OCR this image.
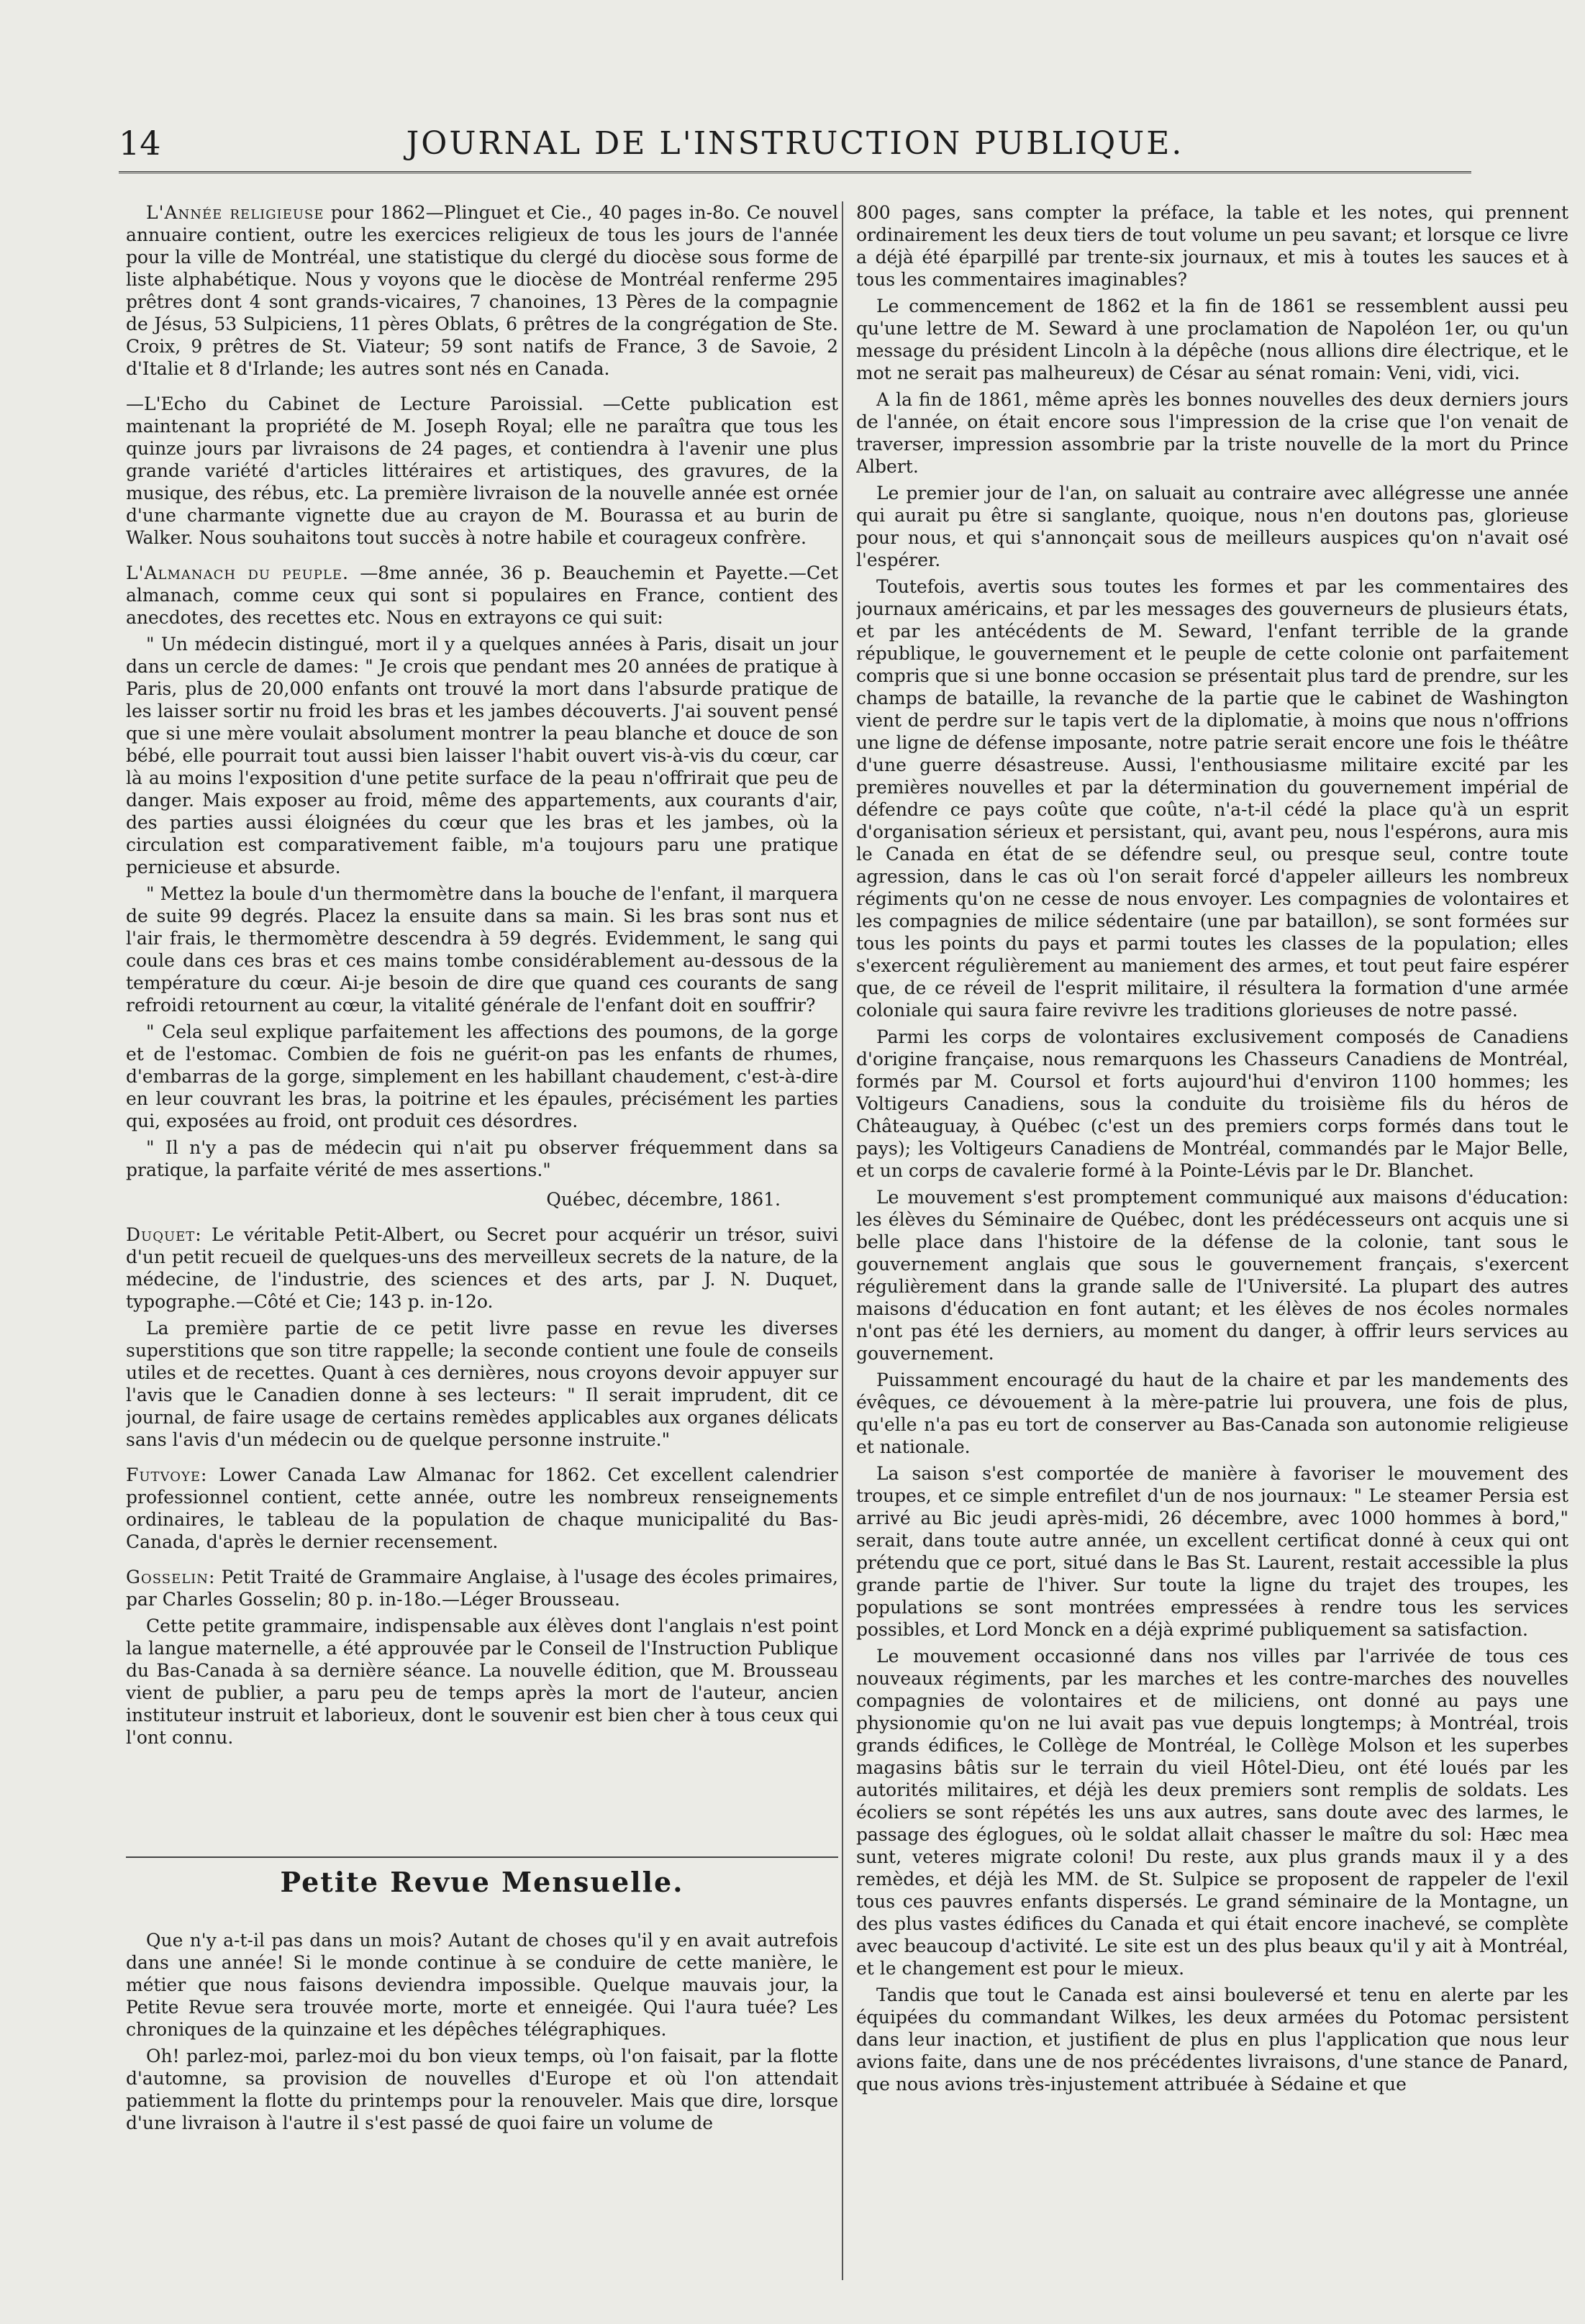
14	JOURNAL DE L'INSTRUCTION PUBLIQUE.

L'Année religieuse pour 1862—Plinguet et Cie., 40 pages in-8o. Ce nouvel annuaire contient, outre les exercices religieux de tous les jours de l'année pour la ville de Montréal, une statistique du clergé du diocèse sous forme de liste alphabétique. Nous y voyons que le diocèse de Montréal renferme 295 prêtres dont 4 sont grands-vicaires, 7 chanoines, 13 Pères de la compagnie de Jésus, 53 Sulpiciens, 11 pères Oblats, 6 prêtres de la congrégation de Ste. Croix, 9 prêtres de St. Viateur; 59 sont natifs de France, 3 de Savoie, 2 d'Italie et 8 d'Irlande; les autres sont nés en Canada.

—L'Echo du Cabinet de Lecture Paroissial. —Cette publication est maintenant la propriété de M. Joseph Royal; elle ne paraîtra que tous les quinze jours par livraisons de 24 pages, et contiendra à l'avenir une plus grande variété d'articles littéraires et artistiques, des gravures, de la musique, des rébus, etc. La première livraison de la nouvelle année est ornée d'une charmante vignette due au crayon de M. Bourassa et au burin de Walker. Nous souhaitons tout succès à notre habile et courageux confrère.

L'Almanach du peuple. —8me année, 36 p. Beauchemin et Payette.—Cet almanach, comme ceux qui sont si populaires en France, contient des anecdotes, des recettes etc. Nous en extrayons ce qui suit:

" Un médecin distingué, mort il y a quelques années à Paris, disait un jour dans un cercle de dames: " Je crois que pendant mes 20 années de pratique à Paris, plus de 20,000 enfants ont trouvé la mort dans l'absurde pratique de les laisser sortir nu froid les bras et les jambes découverts. J'ai souvent pensé que si une mère voulait absolument montrer la peau blanche et douce de son bébé, elle pourrait tout aussi bien laisser l'habit ouvert vis-à-vis du cœur, car là au moins l'exposition d'une petite surface de la peau n'offrirait que peu de danger. Mais exposer au froid, même des appartements, aux courants d'air, des parties aussi éloignées du cœur que les bras et les jambes, où la circulation est comparativement faible, m'a toujours paru une pratique pernicieuse et absurde.

" Mettez la boule d'un thermomètre dans la bouche de l'enfant, il marquera de suite 99 degrés. Placez la ensuite dans sa main. Si les bras sont nus et l'air frais, le thermomètre descendra à 59 degrés. Evidemment, le sang qui coule dans ces bras et ces mains tombe considérablement au-dessous de la température du cœur. Ai-je besoin de dire que quand ces courants de sang refroidi retournent au cœur, la vitalité générale de l'enfant doit en souffrir?

" Cela seul explique parfaitement les affections des poumons, de la gorge et de l'estomac. Combien de fois ne guérit-on pas les enfants de rhumes, d'embarras de la gorge, simplement en les habillant chaudement, c'est-à-dire en leur couvrant les bras, la poitrine et les épaules, précisément les parties qui, exposées au froid, ont produit ces désordres.

" Il n'y a pas de médecin qui n'ait pu observer fréquemment dans sa pratique, la parfaite vérité de mes assertions."

Québec, décembre, 1861.

Duquet: Le véritable Petit-Albert, ou Secret pour acquérir un trésor, suivi d'un petit recueil de quelques-uns des merveilleux secrets de la nature, de la médecine, de l'industrie, des sciences et des arts, par J. N. Duquet, typographe.—Côté et Cie; 143 p. in-12o.

La première partie de ce petit livre passe en revue les diverses superstitions que son titre rappelle; la seconde contient une foule de conseils utiles et de recettes. Quant à ces dernières, nous croyons devoir appuyer sur l'avis que le Canadien donne à ses lecteurs: " Il serait imprudent, dit ce journal, de faire usage de certains remèdes applicables aux organes délicats sans l'avis d'un médecin ou de quelque personne instruite."

Futvoye: Lower Canada Law Almanac for 1862. Cet excellent calendrier professionnel contient, cette année, outre les nombreux renseignements ordinaires, le tableau de la population de chaque municipalité du Bas-Canada, d'après le dernier recensement.

Gosselin: Petit Traité de Grammaire Anglaise, à l'usage des écoles primaires, par Charles Gosselin; 80 p. in-18o.—Léger Brousseau.

Cette petite grammaire, indispensable aux élèves dont l'anglais n'est point la langue maternelle, a été approuvée par le Conseil de l'Instruction Publique du Bas-Canada à sa dernière séance. La nouvelle édition, que M. Brousseau vient de publier, a paru peu de temps après la mort de l'auteur, ancien instituteur instruit et laborieux, dont le souvenir est bien cher à tous ceux qui l'ont connu.

Petite Revue Mensuelle.

Que n'y a-t-il pas dans un mois? Autant de choses qu'il y en avait autrefois dans une année! Si le monde continue à se conduire de cette manière, le métier que nous faisons deviendra impossible. Quelque mauvais jour, la Petite Revue sera trouvée morte, morte et enneigée. Qui l'aura tuée? Les chroniques de la quinzaine et les dépêches télégraphiques.

Oh! parlez-moi, parlez-moi du bon vieux temps, où l'on faisait, par la flotte d'automne, sa provision de nouvelles d'Europe et où l'on attendait patiemment la flotte du printemps pour la renouveler. Mais que dire, lorsque d'une livraison à l'autre il s'est passé de quoi faire un volume de

800 pages, sans compter la préface, la table et les notes, qui prennent ordinairement les deux tiers de tout volume un peu savant; et lorsque ce livre a déjà été éparpillé par trente-six journaux, et mis à toutes les sauces et à tous les commentaires imaginables?

Le commencement de 1862 et la fin de 1861 se ressemblent aussi peu qu'une lettre de M. Seward à une proclamation de Napoléon 1er, ou qu'un message du président Lincoln à la dépêche (nous allions dire électrique, et le mot ne serait pas malheureux) de César au sénat romain: Veni, vidi, vici.

A la fin de 1861, même après les bonnes nouvelles des deux derniers jours de l'année, on était encore sous l'impression de la crise que l'on venait de traverser, impression assombrie par la triste nouvelle de la mort du Prince Albert.

Le premier jour de l'an, on saluait au contraire avec allégresse une année qui aurait pu être si sanglante, quoique, nous n'en doutons pas, glorieuse pour nous, et qui s'annonçait sous de meilleurs auspices qu'on n'avait osé l'espérer.

Toutefois, avertis sous toutes les formes et par les commentaires des journaux américains, et par les messages des gouverneurs de plusieurs états, et par les antécédents de M. Seward, l'enfant terrible de la grande république, le gouvernement et le peuple de cette colonie ont parfaitement compris que si une bonne occasion se présentait plus tard de prendre, sur les champs de bataille, la revanche de la partie que le cabinet de Washington vient de perdre sur le tapis vert de la diplomatie, à moins que nous n'offrions une ligne de défense imposante, notre patrie serait encore une fois le théâtre d'une guerre désastreuse. Aussi, l'enthousiasme militaire excité par les premières nouvelles et par la détermination du gouvernement impérial de défendre ce pays coûte que coûte, n'a-t-il cédé la place qu'à un esprit d'organisation sérieux et persistant, qui, avant peu, nous l'espérons, aura mis le Canada en état de se défendre seul, ou presque seul, contre toute agression, dans le cas où l'on serait forcé d'appeler ailleurs les nombreux régiments qu'on ne cesse de nous envoyer. Les compagnies de volontaires et les compagnies de milice sédentaire (une par bataillon), se sont formées sur tous les points du pays et parmi toutes les classes de la population; elles s'exercent régulièrement au maniement des armes, et tout peut faire espérer que, de ce réveil de l'esprit militaire, il résultera la formation d'une armée coloniale qui saura faire revivre les traditions glorieuses de notre passé.

Parmi les corps de volontaires exclusivement composés de Canadiens d'origine française, nous remarquons les Chasseurs Canadiens de Montréal, formés par M. Coursol et forts aujourd'hui d'environ 1100 hommes; les Voltigeurs Canadiens, sous la conduite du troisième fils du héros de Châteauguay, à Québec (c'est un des premiers corps formés dans tout le pays); les Voltigeurs Canadiens de Montréal, commandés par le Major Belle, et un corps de cavalerie formé à la Pointe-Lévis par le Dr. Blanchet.

Le mouvement s'est promptement communiqué aux maisons d'éducation: les élèves du Séminaire de Québec, dont les prédécesseurs ont acquis une si belle place dans l'histoire de la défense de la colonie, tant sous le gouvernement anglais que sous le gouvernement français, s'exercent régulièrement dans la grande salle de l'Université. La plupart des autres maisons d'éducation en font autant; et les élèves de nos écoles normales n'ont pas été les derniers, au moment du danger, à offrir leurs services au gouvernement.

Puissamment encouragé du haut de la chaire et par les mandements des évêques, ce dévouement à la mère-patrie lui prouvera, une fois de plus, qu'elle n'a pas eu tort de conserver au Bas-Canada son autonomie religieuse et nationale.

La saison s'est comportée de manière à favoriser le mouvement des troupes, et ce simple entrefilet d'un de nos journaux: " Le steamer Persia est arrivé au Bic jeudi après-midi, 26 décembre, avec 1000 hommes à bord," serait, dans toute autre année, un excellent certificat donné à ceux qui ont prétendu que ce port, situé dans le Bas St. Laurent, restait accessible la plus grande partie de l'hiver. Sur toute la ligne du trajet des troupes, les populations se sont montrées empressées à rendre tous les services possibles, et Lord Monck en a déjà exprimé publiquement sa satisfaction.

Le mouvement occasionné dans nos villes par l'arrivée de tous ces nouveaux régiments, par les marches et les contre-marches des nouvelles compagnies de volontaires et de miliciens, ont donné au pays une physionomie qu'on ne lui avait pas vue depuis longtemps; à Montréal, trois grands édifices, le Collège de Montréal, le Collège Molson et les superbes magasins bâtis sur le terrain du vieil Hôtel-Dieu, ont été loués par les autorités militaires, et déjà les deux premiers sont remplis de soldats. Les écoliers se sont répétés les uns aux autres, sans doute avec des larmes, le passage des églogues, où le soldat allait chasser le maître du sol: Hæc mea sunt, veteres migrate coloni! Du reste, aux plus grands maux il y a des remèdes, et déjà les MM. de St. Sulpice se proposent de rappeler de l'exil tous ces pauvres enfants dispersés. Le grand séminaire de la Montagne, un des plus vastes édifices du Canada et qui était encore inachevé, se complète avec beaucoup d'activité. Le site est un des plus beaux qu'il y ait à Montréal, et le changement est pour le mieux.

Tandis que tout le Canada est ainsi bouleversé et tenu en alerte par les équipées du commandant Wilkes, les deux armées du Potomac persistent dans leur inaction, et justifient de plus en plus l'application que nous leur avions faite, dans une de nos précédentes livraisons, d'une stance de Panard, que nous avions très-injustement attribuée à Sédaine et que
